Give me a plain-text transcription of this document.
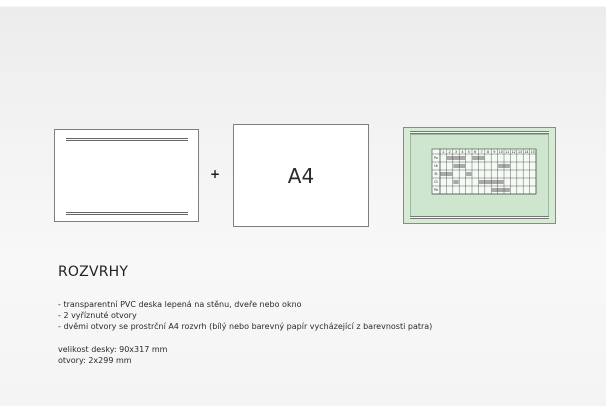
+	A4
1 2 3 4 5 6 7 8 9 10 11 12 13 14 15
Po
Út
St
Čt
Pá
ROZVRHY
- transparentní PVC deska lepená na stěnu, dveře nebo okno
- 2 vyříznuté otvory
- dvěmi otvory se prostrční A4 rozvrh (bílý nebo barevný papír vycházející z barevnosti patra)
velikost desky: 90x317 mm
otvory: 2x299 mm
